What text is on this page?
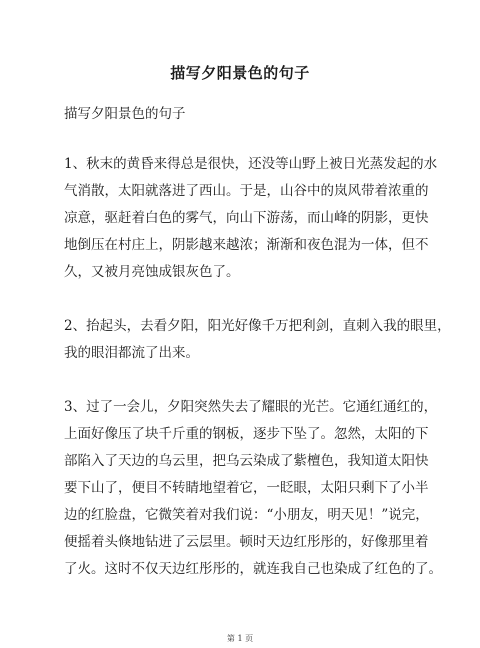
描写夕阳景色的句子
描写夕阳景色的句子
1、秋末的黄昏来得总是很快，还没等山野上被日光蒸发起的水
气消散，太阳就落进了西山。于是，山谷中的岚风带着浓重的
凉意，驱赶着白色的雾气，向山下游荡，而山峰的阴影，更快
地倒压在村庄上，阴影越来越浓；渐渐和夜色混为一体，但不
久，又被月亮蚀成银灰色了。
2、抬起头，去看夕阳，阳光好像千万把利剑，直刺入我的眼里，
我的眼泪都流了出来。
3、过了一会儿，夕阳突然失去了耀眼的光芒。它通红通红的，
上面好像压了块千斤重的钢板，逐步下坠了。忽然，太阳的下
部陷入了天边的乌云里，把乌云染成了紫檀色，我知道太阳快
要下山了，便目不转睛地望着它，一眨眼，太阳只剩下了小半
边的红脸盘，它微笑着对我们说：“小朋友，明天见！”说完，
便摇着头倏地钻进了云层里。顿时天边红彤彤的，好像那里着
了火。这时不仅天边红彤彤的，就连我自己也染成了红色的了。
第 1 页
